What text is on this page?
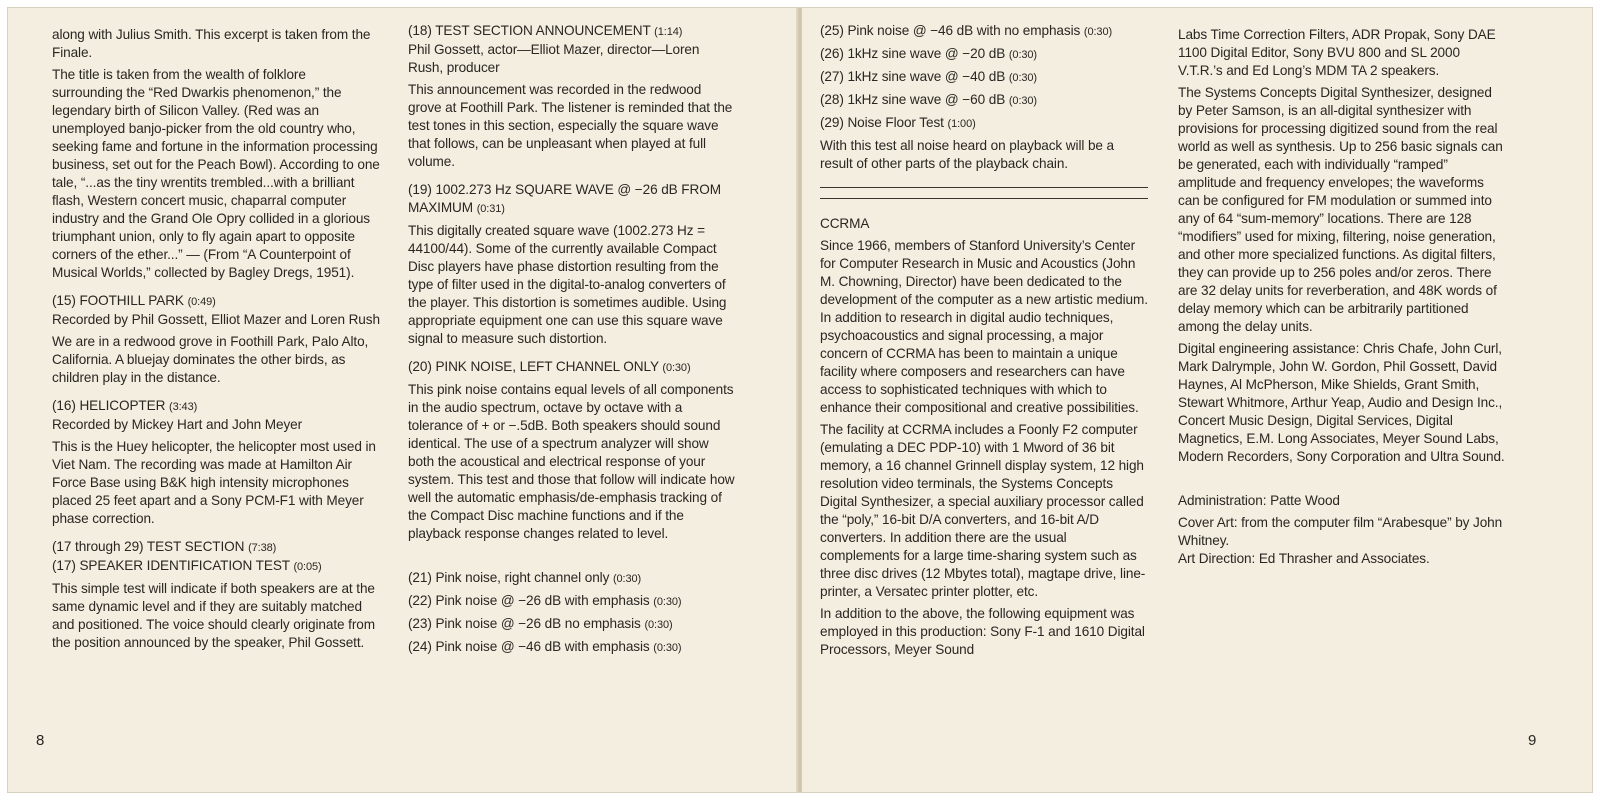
along with Julius Smith. This excerpt is taken from the Finale.

The title is taken from the wealth of folklore surrounding the “Red Dwarkis phenomenon,” the legendary birth of Silicon Valley. (Red was an unemployed banjo-picker from the old country who, seeking fame and fortune in the information processing business, set out for the Peach Bowl). According to one tale, “...as the tiny wrentits trembled...with a brilliant flash, Western concert music, chaparral computer industry and the Grand Ole Opry collided in a glorious triumphant union, only to fly again apart to opposite corners of the ether...” — (From “A Counterpoint of Musical Worlds,” collected by Bagley Dregs, 1951).

(15) FOOTHILL PARK (0:49)

Recorded by Phil Gossett, Elliot Mazer and Loren Rush

We are in a redwood grove in Foothill Park, Palo Alto, California. A bluejay dominates the other birds, as children play in the distance.

(16) HELICOPTER (3:43)

Recorded by Mickey Hart and John Meyer

This is the Huey helicopter, the helicopter most used in Viet Nam. The recording was made at Hamilton Air Force Base using B&K high intensity microphones placed 25 feet apart and a Sony PCM-F1 with Meyer phase correction.

(17 through 29) TEST SECTION (7:38)

(17) SPEAKER IDENTIFICATION TEST (0:05)

This simple test will indicate if both speakers are at the same dynamic level and if they are suitably matched and positioned. The voice should clearly originate from the position announced by the speaker, Phil Gossett.

(18) TEST SECTION ANNOUNCEMENT (1:14)

Phil Gossett, actor—Elliot Mazer, director—Loren Rush, producer

This announcement was recorded in the redwood grove at Foothill Park. The listener is reminded that the test tones in this section, especially the square wave that follows, can be unpleasant when played at full volume.

(19) 1002.273 Hz SQUARE WAVE @ −26 dB FROM MAXIMUM (0:31)

This digitally created square wave (1002.273 Hz = 44100/44). Some of the currently available Compact Disc players have phase distortion resulting from the type of filter used in the digital-to-analog converters of the player. This distortion is sometimes audible. Using appropriate equipment one can use this square wave signal to measure such distortion.

(20) PINK NOISE, LEFT CHANNEL ONLY (0:30)

This pink noise contains equal levels of all components in the audio spectrum, octave by octave with a tolerance of + or −.5dB. Both speakers should sound identical. The use of a spectrum analyzer will show both the acoustical and electrical response of your system. This test and those that follow will indicate how well the automatic emphasis/de-emphasis tracking of the Compact Disc machine functions and if the playback response changes related to level.

(21) Pink noise, right channel only (0:30)

(22) Pink noise @ −26 dB with emphasis (0:30)

(23) Pink noise @ −26 dB no emphasis (0:30)

(24) Pink noise @ −46 dB with emphasis (0:30)

8

(25) Pink noise @ −46 dB with no emphasis (0:30)

(26) 1kHz sine wave @ −20 dB (0:30)

(27) 1kHz sine wave @ −40 dB (0:30)

(28) 1kHz sine wave @ −60 dB (0:30)

(29) Noise Floor Test (1:00)

With this test all noise heard on playback will be a result of other parts of the playback chain.

CCRMA

Since 1966, members of Stanford University’s Center for Computer Research in Music and Acoustics (John M. Chowning, Director) have been dedicated to the development of the computer as a new artistic medium. In addition to research in digital audio techniques, psychoacoustics and signal processing, a major concern of CCRMA has been to maintain a unique facility where composers and researchers can have access to sophisticated techniques with which to enhance their compositional and creative possibilities.

The facility at CCRMA includes a Foonly F2 computer (emulating a DEC PDP-10) with 1 Mword of 36 bit memory, a 16 channel Grinnell display system, 12 high resolution video terminals, the Systems Concepts Digital Synthesizer, a special auxiliary processor called the “poly,” 16-bit D/A converters, and 16-bit A/D converters. In addition there are the usual complements for a large time-sharing system such as three disc drives (12 Mbytes total), magtape drive, line-printer, a Versatec printer plotter, etc.

In addition to the above, the following equipment was employed in this production: Sony F-1 and 1610 Digital Processors, Meyer Sound

Labs Time Correction Filters, ADR Propak, Sony DAE 1100 Digital Editor, Sony BVU 800 and SL 2000 V.T.R.’s and Ed Long’s MDM TA 2 speakers.

The Systems Concepts Digital Synthesizer, designed by Peter Samson, is an all-digital synthesizer with provisions for processing digitized sound from the real world as well as synthesis. Up to 256 basic signals can be generated, each with individually “ramped” amplitude and frequency envelopes; the waveforms can be configured for FM modulation or summed into any of 64 “sum-memory” locations. There are 128 “modifiers” used for mixing, filtering, noise generation, and other more specialized functions. As digital filters, they can provide up to 256 poles and/or zeros. There are 32 delay units for reverberation, and 48K words of delay memory which can be arbitrarily partitioned among the delay units.

Digital engineering assistance: Chris Chafe, John Curl, Mark Dalrymple, John W. Gordon, Phil Gossett, David Haynes, Al McPherson, Mike Shields, Grant Smith, Stewart Whitmore, Arthur Yeap, Audio and Design Inc., Concert Music Design, Digital Services, Digital Magnetics, E.M. Long Associates, Meyer Sound Labs, Modern Recorders, Sony Corporation and Ultra Sound.

Administration: Patte Wood

Cover Art: from the computer film “Arabesque” by John Whitney.

Art Direction: Ed Thrasher and Associates.

9
